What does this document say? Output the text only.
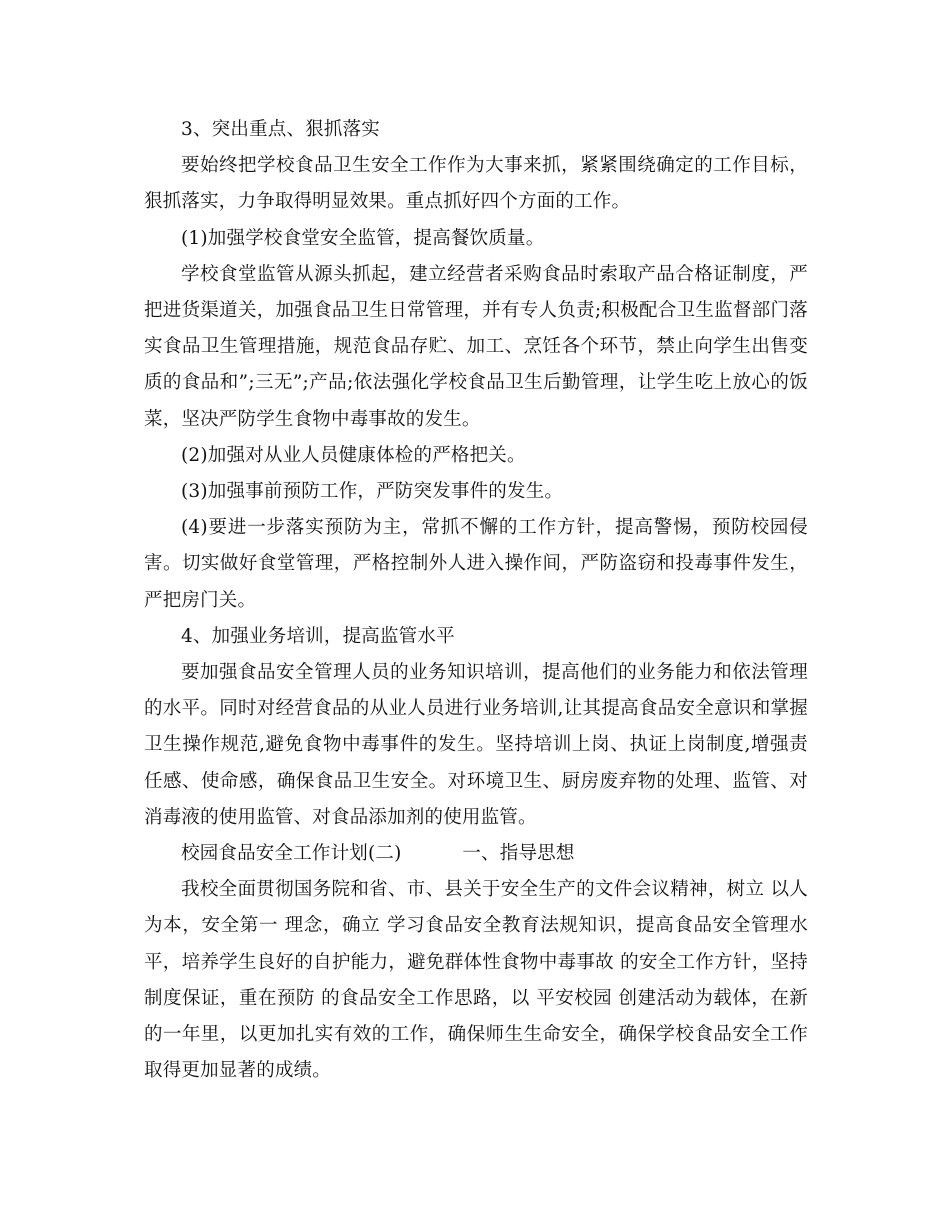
3、突出重点、狠抓落实

要始终把学校食品卫生安全工作作为大事来抓，紧紧围绕确定的工作目标，狠抓落实，力争取得明显效果。重点抓好四个方面的工作。

(1)加强学校食堂安全监管，提高餐饮质量。

学校食堂监管从源头抓起，建立经营者采购食品时索取产品合格证制度，严把进货渠道关，加强食品卫生日常管理，并有专人负责;积极配合卫生监督部门落实食品卫生管理措施，规范食品存贮、加工、烹饪各个环节，禁止向学生出售变质的食品和”;三无”;产品;依法强化学校食品卫生后勤管理，让学生吃上放心的饭菜，坚决严防学生食物中毒事故的发生。

(2)加强对从业人员健康体检的严格把关。

(3)加强事前预防工作，严防突发事件的发生。

(4)要进一步落实预防为主，常抓不懈的工作方针，提高警惕，预防校园侵害。切实做好食堂管理，严格控制外人进入操作间，严防盗窃和投毒事件发生，严把房门关。

4、加强业务培训，提高监管水平

要加强食品安全管理人员的业务知识培训，提高他们的业务能力和依法管理的水平。同时对经营食品的从业人员进行业务培训,让其提高食品安全意识和掌握卫生操作规范,避免食物中毒事件的发生。坚持培训上岗、执证上岗制度,增强责任感、使命感，确保食品卫生安全。对环境卫生、厨房废弃物的处理、监管、对消毒液的使用监管、对食品添加剂的使用监管。

校园食品安全工作计划(二)          一、指导思想

我校全面贯彻国务院和省、市、县关于安全生产的文件会议精神，树立 以人为本，安全第一 理念，确立 学习食品安全教育法规知识，提高食品安全管理水平，培养学生良好的自护能力，避免群体性食物中毒事故 的安全工作方针，坚持制度保证，重在预防 的食品安全工作思路，以 平安校园 创建活动为载体，在新的一年里，以更加扎实有效的工作，确保师生生命安全，确保学校食品安全工作取得更加显著的成绩。
